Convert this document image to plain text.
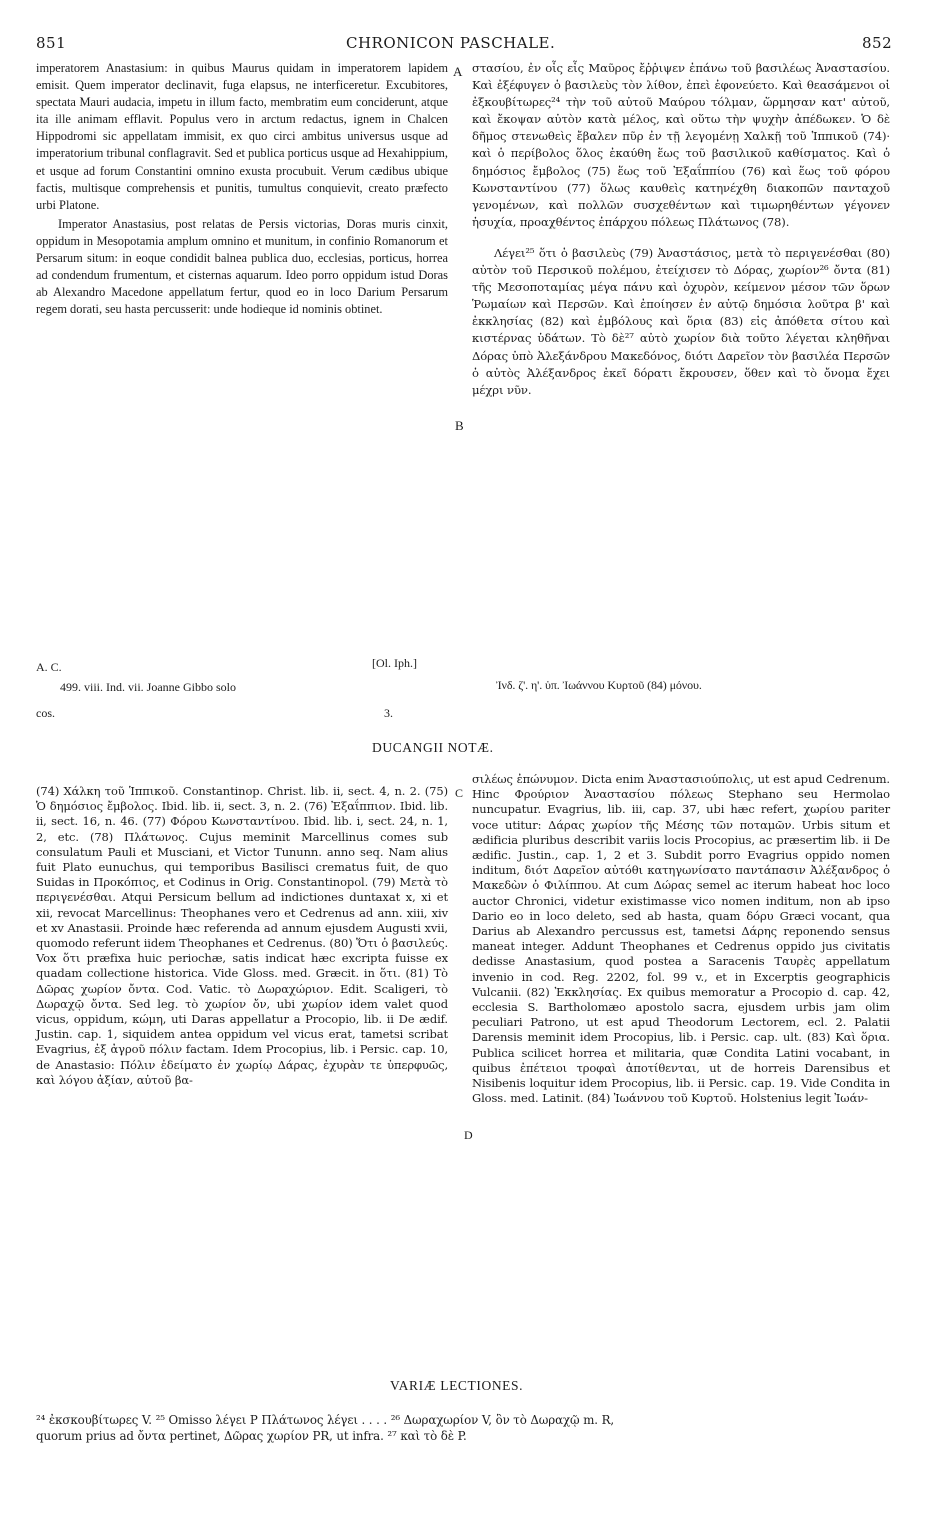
851	CHRONICON PASCHALE.	852

imperatorem Anastasium: in quibus Maurus quidam in imperatorem lapidem emisit. Quem imperator declinavit, fuga elapsus, ne interficeretur. Excubitores, spectata Mauri audacia, impetu in illum facto, membratim eum conciderunt, atque ita ille animam efflavit. Populus vero in arctum redactus, ignem in Chalcen Hippodromi sic appellatam immisit, ex quo circi ambitus universus usque ad imperatorium tribunal conflagravit. Sed et publica porticus usque ad Hexahippium, et usque ad forum Constantini omnino exusta procubuit. Verum cædibus ubique factis, multisque comprehensis et punitis, tumultus conquievit, creato præfecto urbi Platone.

Imperator Anastasius, post relatas de Persis victorias, Doras muris cinxit, oppidum in Mesopotamia amplum omnino et munitum, in confinio Romanorum et Persarum situm: in eoque condidit balnea publica duo, ecclesias, porticus, horrea ad condendum frumentum, et cisternas aquarum. Ideo porro oppidum istud Doras ab Alexandro Macedone appellatum fertur, quod eo in loco Darium Persarum regem dorati, seu hasta percusserit: unde hodieque id nominis obtinet.

A
B

στασίου, ἐν οἷς εἷς Μαῦρος ἔῤῥιψεν ἐπάνω τοῦ βασιλέως Ἀναστασίου. Καὶ ἐξέφυγεν ὁ βασιλεὺς τὸν λίθον, ἐπεὶ ἐφονεύετο. Καὶ θεασάμενοι οἱ ἐξκουβίτωρες²⁴ τὴν τοῦ αὐτοῦ Μαύρου τόλμαν, ὥρμησαν κατ' αὐτοῦ, καὶ ἔκοψαν αὐτὸν κατὰ μέλος, καὶ οὕτω τὴν ψυχὴν ἀπέδωκεν. Ὁ δὲ δῆμος στενωθεὶς ἔβαλεν πῦρ ἐν τῇ λεγομένῃ Χαλκῇ τοῦ Ἱππικοῦ (74)· καὶ ὁ περίβολος ὅλος ἐκαύθη ἕως τοῦ βασιλικοῦ καθίσματος. Καὶ ὁ δημόσιος ἔμβολος (75) ἕως τοῦ Ἐξαΐππίου (76) καὶ ἕως τοῦ φόρου Κωνσταντίνου (77) ὅλως καυθεὶς κατηνέχθη διακοπῶν πανταχοῦ γενομένων, καὶ πολλῶν συσχεθέντων καὶ τιμωρηθέντων γέγονεν ἡσυχία, προαχθέντος ἐπάρχου πόλεως Πλάτωνος (78).

Λέγει²⁵ ὅτι ὁ βασιλεὺς (79) Ἀναστάσιος, μετὰ τὸ περιγενέσθαι (80) αὐτὸν τοῦ Περσικοῦ πολέμου, ἐτείχισεν τὸ Δόρας, χωρίον²⁶ ὄντα (81) τῆς Μεσοποταμίας μέγα πάνυ καὶ ὀχυρὸν, κείμενον μέσον τῶν ὅρων Ῥωμαίων καὶ Περσῶν. Καὶ ἐποίησεν ἐν αὐτῷ δημόσια λοῦτρα β' καὶ ἐκκλησίας (82) καὶ ἐμβόλους καὶ ὅρια (83) εἰς ἀπόθετα σίτου καὶ κιστέρνας ὑδάτων. Τὸ δὲ²⁷ αὐτὸ χωρίον διὰ τοῦτο λέγεται κληθῆναι Δόρας ὑπὸ Ἀλεξάνδρου Μακεδόνος, διότι Δαρεῖον τὸν βασιλέα Περσῶν ὁ αὐτὸς Ἀλέξανδρος ἐκεῖ δόρατι ἔκρουσεν, ὅθεν καὶ τὸ ὄνομα ἔχει μέχρι νῦν.

A. C.	[Ol. Iph.]
499. viii. Ind. vii. Joanne Gibbo solo
cos.	3.
Ἰνδ. ζ'. η'. ὑπ. Ἰωάννου Κυρτοῦ (84) μόνου.
DUCANGII NOTÆ.

(74) Χάλκη τοῦ Ἱππικοῦ. Constantinop. Christ. lib. ii, sect. 4, n. 2. (75) Ὁ δημόσιος ἔμβολος. Ibid. lib. ii, sect. 3, n. 2. (76) Ἐξαΐππιον. Ibid. lib. ii, sect. 16, n. 46. (77) Φόρου Κωνσταντίνου. Ibid. lib. i, sect. 24, n. 1, 2, etc. (78) Πλάτωνος. Cujus meminit Marcellinus comes sub consulatum Pauli et Musciani, et Victor Tununn. anno seq. Nam alius fuit Plato eunuchus, qui temporibus Basilisci crematus fuit, de quo Suidas in Προκόπιος, et Codinus in Orig. Constantinopol. (79) Μετὰ τὸ περιγενέσθαι. Atqui Persicum bellum ad indictiones duntaxat x, xi et xii, revocat Marcellinus: Theophanes vero et Cedrenus ad ann. xiii, xiv et xv Anastasii. Proinde hæc referenda ad annum ejusdem Augusti xvii, quomodo referunt iidem Theophanes et Cedrenus. (80) Ὅτι ὁ βασιλεύς. Vox ὅτι præfixa huic periochæ, satis indicat hæc excripta fuisse ex quadam collectione historica. Vide Gloss. med. Græcit. in ὅτι. (81) Τὸ Δῶρας χωρίον ὄντα. Cod. Vatic. τὸ Δωραχώριον. Edit. Scaligeri, τὸ Δωραχῷ ὄντα. Sed leg. τὸ χωρίον ὄν, ubi χωρίον idem valet quod vicus, oppidum, κώμη, uti Daras appellatur a Procopio, lib. ii De ædif. Justin. cap. 1, siquidem antea oppidum vel vicus erat, tametsi scribat Evagrius, ἐξ ἀγροῦ πόλιν factam. Idem Procopius, lib. i Persic. cap. 10, de Anastasio: Πόλιν ἐδείματο ἐν χωρίῳ Δάρας, ἐχυρὰν τε ὑπερφυῶς, καὶ λόγου ἀξίαν, αὐτοῦ βα-

C
D

σιλέως ἐπώνυμον. Dicta enim Ἀναστασιούπολις, ut est apud Cedrenum. Hinc Φρούριον Ἀναστασίου πόλεως Stephano seu Hermolao nuncupatur. Evagrius, lib. iii, cap. 37, ubi hæc refert, χωρίου pariter voce utitur: Δάρας χωρίον τῆς Μέσης τῶν ποταμῶν. Urbis situm et ædificia pluribus describit variis locis Procopius, ac præsertim lib. ii De ædific. Justin., cap. 1, 2 et 3. Subdit porro Evagrius oppido nomen inditum, διότ Δαρεῖον αὐτόθι κατηγωνίσατο παντάπασιν Ἀλέξανδρος ὁ Μακεδὼν ὁ Φιλίππου. At cum Δώρας semel ac iterum habeat hoc loco auctor Chronici, videtur existimasse vico nomen inditum, non ab ipso Dario eo in loco deleto, sed ab hasta, quam δόρυ Græci vocant, qua Darius ab Alexandro percussus est, tametsi Δάρης reponendo sensus maneat integer. Addunt Theophanes et Cedrenus oppido jus civitatis dedisse Anastasium, quod postea a Saracenis Ταυρὲς appellatum invenio in cod. Reg. 2202, fol. 99 v., et in Excerptis geographicis Vulcanii. (82) Ἐκκλησίας. Ex quibus memoratur a Procopio d. cap. 42, ecclesia S. Bartholomæo apostolo sacra, ejusdem urbis jam olim peculiari Patrono, ut est apud Theodorum Lectorem, ecl. 2. Palatii Darensis meminit idem Procopius, lib. i Persic. cap. ult. (83) Καὶ ὅρια. Publica scilicet horrea et militaria, quæ Condita Latini vocabant, in quibus ἐπέτειοι τροφαὶ ἀποτίθενται, ut de horreis Darensibus et Nisibenis loquitur idem Procopius, lib. ii Persic. cap. 19. Vide Condita in Gloss. med. Latinit. (84) Ἰωάννου τοῦ Κυρτοῦ. Holstenius legit Ἰωάν-

VARIÆ LECTIONES.

²⁴ ἐκσκουβίτωρες V. ²⁵ Omisso λέγει P Πλάτωνος λέγει . . . . ²⁶ Δωραχωρίον V, ὃν τὸ Δωραχῷ m. R,

quorum prius ad ὄντα pertinet, Δῶρας χωρίον PR, ut infra. ²⁷ καὶ τὸ δὲ P.
